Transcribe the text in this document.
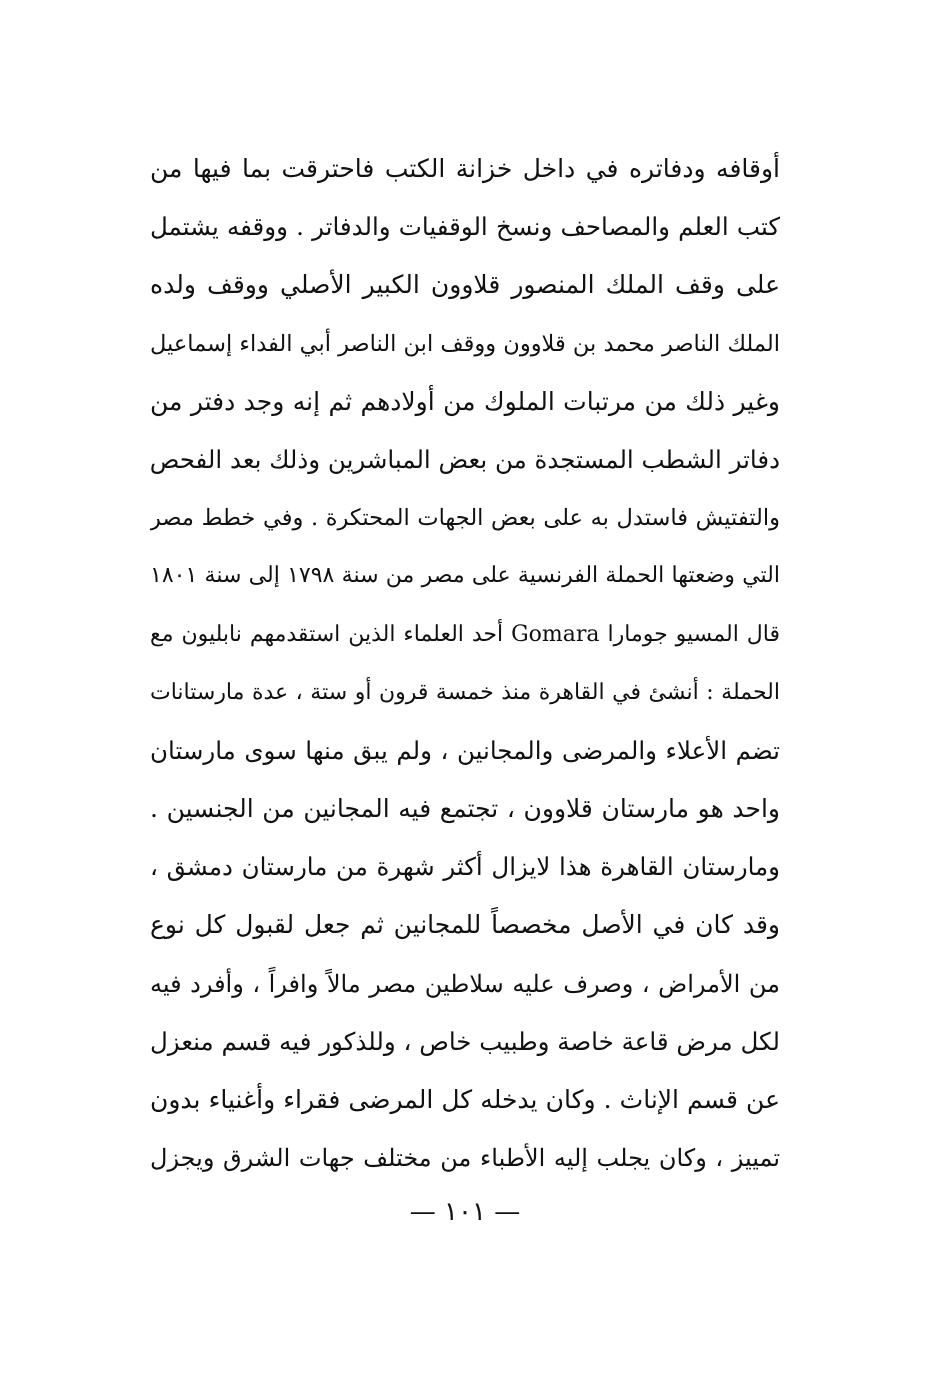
أوقافه ودفاتره في داخل خزانة الكتب فاحترقت بما فيها من
كتب العلم والمصاحف ونسخ الوقفيات والدفاتر . ووقفه يشتمل
على وقف الملك المنصور قلاوون الكبير الأصلي ووقف ولده
الملك الناصر محمد بن قلاوون ووقف ابن الناصر أبي الفداء إسماعيل
وغير ذلك من مرتبات الملوك من أولادهم ثم إنه وجد دفتر من
دفاتر الشطب المستجدة من بعض المباشرين وذلك بعد الفحص
والتفتيش فاستدل به على بعض الجهات المحتكرة . وفي خطط مصر
التي وضعتها الحملة الفرنسية على مصر من سنة ١٧٩٨ إلى سنة ١٨٠١
قال المسيو جومارا Gomara أحد العلماء الذين استقدمهم نابليون مع
الحملة : أنشئ في القاهرة منذ خمسة قرون أو ستة ، عدة مارستانات
تضم الأعلاء والمرضى والمجانين ، ولم يبق منها سوى مارستان
واحد هو مارستان قلاوون ، تجتمع فيه المجانين من الجنسين .
ومارستان القاهرة هذا لايزال أكثر شهرة من مارستان دمشق ،
وقد كان في الأصل مخصصاً للمجانين ثم جعل لقبول كل نوع
من الأمراض ، وصرف عليه سلاطين مصر مالاً وافراً ، وأفرد فيه
لكل مرض قاعة خاصة وطبيب خاص ، وللذكور فيه قسم منعزل
عن قسم الإناث . وكان يدخله كل المرضى فقراء وأغنياء بدون
تمييز ، وكان يجلب إليه الأطباء من مختلف جهات الشرق ويجزل
— ١٠١ —
